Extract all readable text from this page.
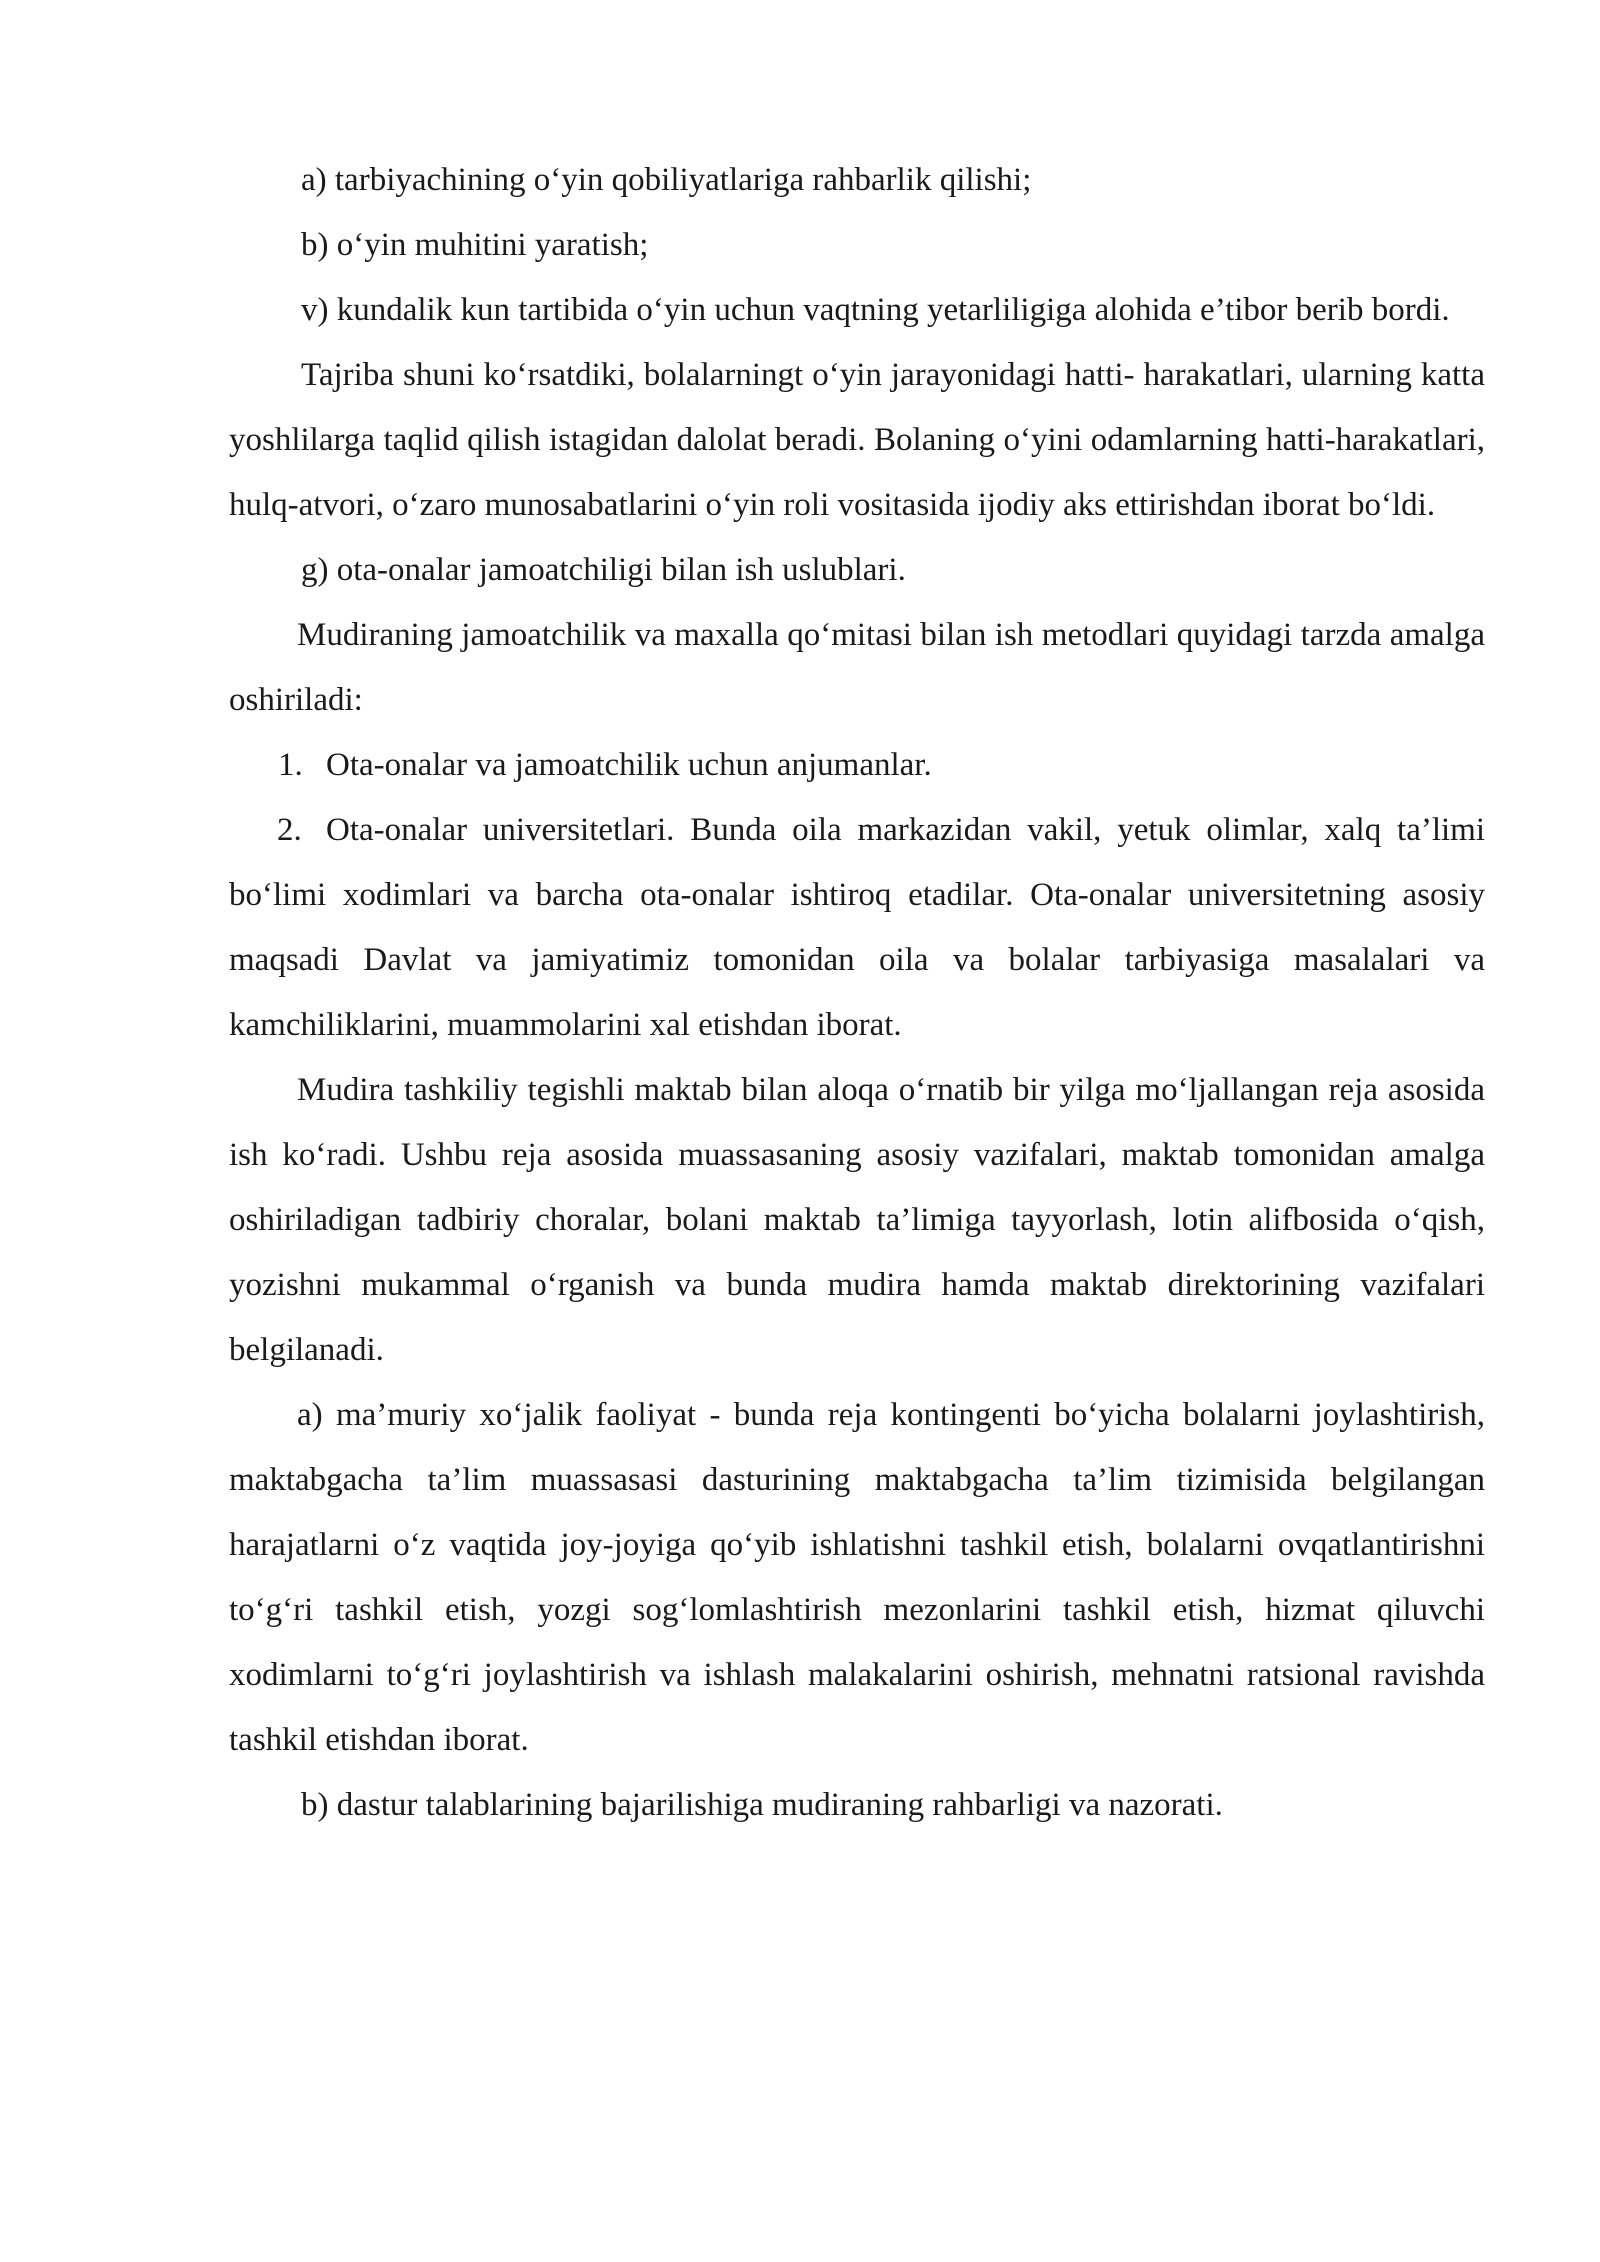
a) tarbiyachining o‘yin qobiliyatlariga rahbarlik qilishi;

b) o‘yin muhitini yaratish;

v) kundalik kun tartibida o‘yin uchun vaqtning yetarliligiga alohida e’tibor berib bordi.

Tajriba shuni ko‘rsatdiki, bolalarningt o‘yin jarayonidagi hatti- harakatlari, ularning katta yoshlilarga taqlid qilish istagidan dalolat beradi. Bolaning o‘yini odamlarning hatti-harakatlari, hulq-atvori, o‘zaro munosabatlarini o‘yin roli vositasida ijodiy aks ettirishdan iborat bo‘ldi.

g) ota-onalar jamoatchiligi bilan ish uslublari.

Mudiraning jamoatchilik va maxalla qo‘mitasi bilan ish metodlari quyidagi tarzda amalga oshiriladi:

1. Ota-onalar va jamoatchilik uchun anjumanlar.

2. Ota-onalar universitetlari. Bunda oila markazidan vakil, yetuk olimlar, xalq ta’limi bo‘limi xodimlari va barcha ota-onalar ishtiroq etadilar. Ota-onalar universitetning asosiy maqsadi Davlat va jamiyatimiz tomonidan oila va bolalar tarbiyasiga masalalari va kamchiliklarini, muammolarini xal etishdan iborat.

Mudira tashkiliy tegishli maktab bilan aloqa o‘rnatib bir yilga mo‘ljallangan reja asosida ish ko‘radi. Ushbu reja asosida muassasaning asosiy vazifalari, maktab tomonidan amalga oshiriladigan tadbiriy choralar, bolani maktab ta’limiga tayyorlash, lotin alifbosida o‘qish, yozishni mukammal o‘rganish va bunda mudira hamda maktab direktorining vazifalari belgilanadi.

a) ma’muriy xo‘jalik faoliyat - bunda reja kontingenti bo‘yicha bolalarni joylashtirish, maktabgacha ta’lim muassasasi dasturining maktabgacha ta’lim tizimisida belgilangan harajatlarni o‘z vaqtida joy-joyiga qo‘yib ishlatishni tashkil etish, bolalarni ovqatlantirishni to‘g‘ri tashkil etish, yozgi sog‘lomlashtirish mezonlarini tashkil etish, hizmat qiluvchi xodimlarni to‘g‘ri joylashtirish va ishlash malakalarini oshirish, mehnatni ratsional ravishda tashkil etishdan iborat.

b) dastur talablarining bajarilishiga mudiraning rahbarligi va nazorati.
